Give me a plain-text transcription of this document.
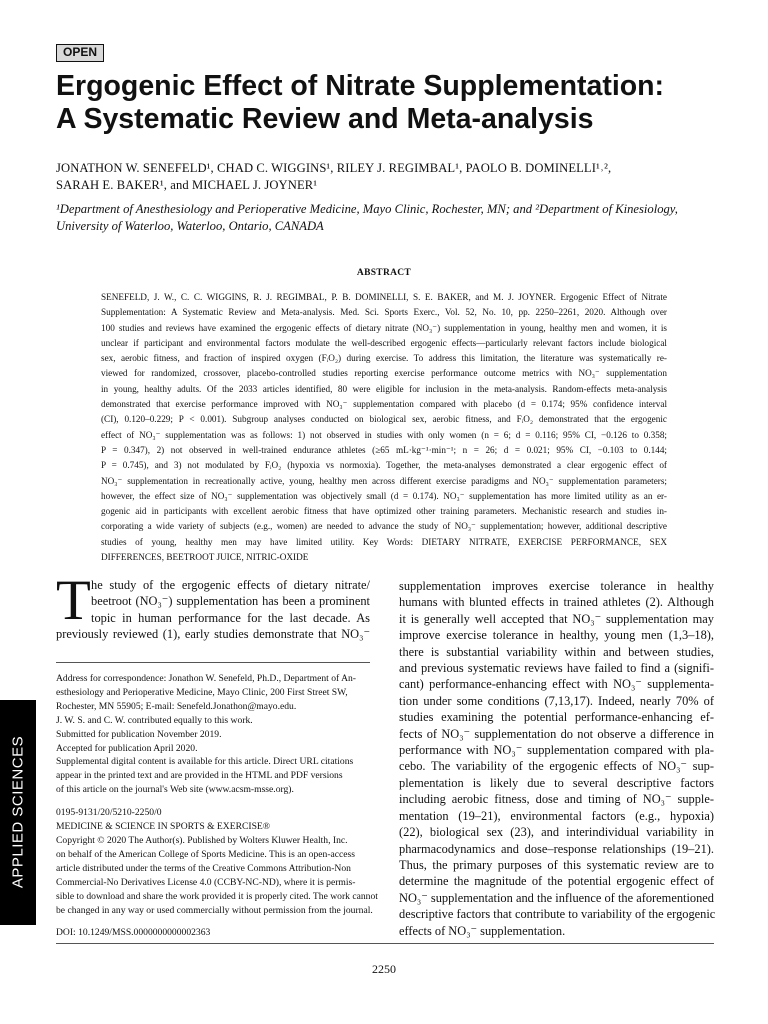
OPEN
Ergogenic Effect of Nitrate Supplementation:
A Systematic Review and Meta-analysis
JONATHON W. SENEFELD¹, CHAD C. WIGGINS¹, RILEY J. REGIMBAL¹, PAOLO B. DOMINELLI¹˒²,
SARAH E. BAKER¹, and MICHAEL J. JOYNER¹
¹Department of Anesthesiology and Perioperative Medicine, Mayo Clinic, Rochester, MN; and ²Department of Kinesiology,
University of Waterloo, Waterloo, Ontario, CANADA
ABSTRACT
SENEFELD, J. W., C. C. WIGGINS, R. J. REGIMBAL, P. B. DOMINELLI, S. E. BAKER, and M. J. JOYNER. Ergogenic Effect of Nitrate
Supplementation: A Systematic Review and Meta-analysis. Med. Sci. Sports Exerc., Vol. 52, No. 10, pp. 2250–2261, 2020. Although over
100 studies and reviews have examined the ergogenic effects of dietary nitrate (NO₃⁻) supplementation in young, healthy men and women, it is
unclear if participant and environmental factors modulate the well-described ergogenic effects—particularly relevant factors include biological
sex, aerobic fitness, and fraction of inspired oxygen (FᵢO₂) during exercise. To address this limitation, the literature was systematically re-
viewed for randomized, crossover, placebo-controlled studies reporting exercise performance outcome metrics with NO₃⁻ supplementation
in young, healthy adults. Of the 2033 articles identified, 80 were eligible for inclusion in the meta-analysis. Random-effects meta-analysis
demonstrated that exercise performance improved with NO₃⁻ supplementation compared with placebo (d = 0.174; 95% confidence interval
(CI), 0.120–0.229; P < 0.001). Subgroup analyses conducted on biological sex, aerobic fitness, and FᵢO₂ demonstrated that the ergogenic
effect of NO₃⁻ supplementation was as follows: 1) not observed in studies with only women (n = 6; d = 0.116; 95% CI, −0.126 to 0.358;
P = 0.347), 2) not observed in well-trained endurance athletes (≥65 mL·kg⁻¹·min⁻¹; n = 26; d = 0.021; 95% CI, −0.103 to 0.144;
P = 0.745), and 3) not modulated by FᵢO₂ (hypoxia vs normoxia). Together, the meta-analyses demonstrated a clear ergogenic effect of
NO₃⁻ supplementation in recreationally active, young, healthy men across different exercise paradigms and NO₃⁻ supplementation parameters;
however, the effect size of NO₃⁻ supplementation was objectively small (d = 0.174). NO₃⁻ supplementation has more limited utility as an er-
gogenic aid in participants with excellent aerobic fitness that have optimized other training parameters. Mechanistic research and studies in-
corporating a wide variety of subjects (e.g., women) are needed to advance the study of NO₃⁻ supplementation; however, additional descriptive
studies of young, healthy men may have limited utility. Key Words: DIETARY NITRATE, EXERCISE PERFORMANCE, SEX
DIFFERENCES, BEETROOT JUICE, NITRIC-OXIDE
T he study of the ergogenic effects of dietary nitrate/
beetroot (NO₃⁻) supplementation has been a prominent
topic in human performance for the last decade. As
previously reviewed (1), early studies demonstrate that NO₃⁻
Address for correspondence: Jonathon W. Senefeld, Ph.D., Department of An-
esthesiology and Perioperative Medicine, Mayo Clinic, 200 First Street SW,
Rochester, MN 55905; E-mail: Senefeld.Jonathon@mayo.edu.
J. W. S. and C. W. contributed equally to this work.
Submitted for publication November 2019.
Accepted for publication April 2020.
Supplemental digital content is available for this article. Direct URL citations
appear in the printed text and are provided in the HTML and PDF versions
of this article on the journal's Web site (www.acsm-msse.org).
0195-9131/20/5210-2250/0
MEDICINE & SCIENCE IN SPORTS & EXERCISE®
Copyright © 2020 The Author(s). Published by Wolters Kluwer Health, Inc.
on behalf of the American College of Sports Medicine. This is an open-access
article distributed under the terms of the Creative Commons Attribution-Non
Commercial-No Derivatives License 4.0 (CCBY-NC-ND), where it is permis-
sible to download and share the work provided it is properly cited. The work cannot
be changed in any way or used commercially without permission from the journal.
DOI: 10.1249/MSS.0000000000002363
supplementation improves exercise tolerance in healthy
humans with blunted effects in trained athletes (2). Although
it is generally well accepted that NO₃⁻ supplementation may
improve exercise tolerance in healthy, young men (1,3–18),
there is substantial variability within and between studies,
and previous systematic reviews have failed to find a (signifi-
cant) performance-enhancing effect with NO₃⁻ supplementa-
tion under some conditions (7,13,17). Indeed, nearly 70% of
studies examining the potential performance-enhancing ef-
fects of NO₃⁻ supplementation do not observe a difference in
performance with NO₃⁻ supplementation compared with pla-
cebo. The variability of the ergogenic effects of NO₃⁻ sup-
plementation is likely due to several descriptive factors
including aerobic fitness, dose and timing of NO₃⁻ supple-
mentation (19–21), environmental factors (e.g., hypoxia)
(22), biological sex (23), and interindividual variability in
pharmacodynamics and dose–response relationships (19–21).
Thus, the primary purposes of this systematic review are to
determine the magnitude of the potential ergogenic effect of
NO₃⁻ supplementation and the influence of the aforementioned
descriptive factors that contribute to variability of the ergogenic
effects of NO₃⁻ supplementation.
APPLIED SCIENCES
2250
